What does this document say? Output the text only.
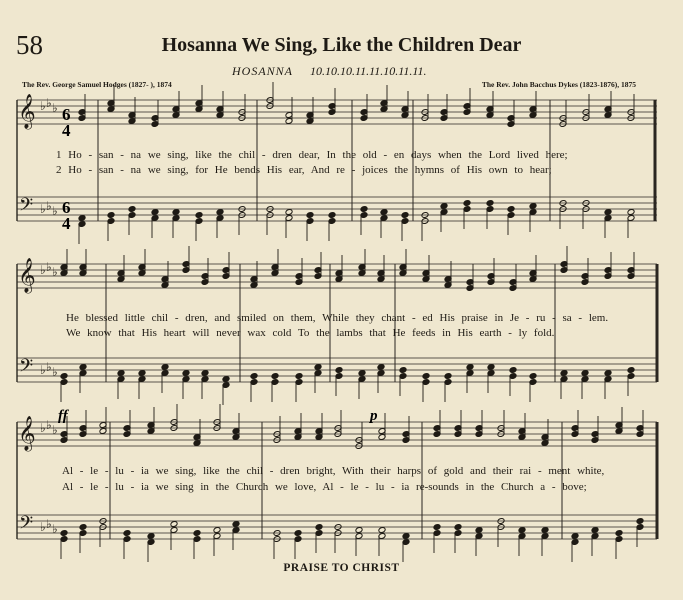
58	Hosanna We Sing, Like the Children Dear
HOSANNA 10.10.10.11.11.10.11.11.
The Rev. George Samuel Hodges (1827- ), 1874	The Rev. John Bacchus Dykes (1823-1876), 1875
𝄞
𝄢
♭
♭
♭
♭
♭
♭
𝄞
𝄢
♭
♭
♭
♭
♭
♭
𝄞
𝄢
♭
♭
♭
♭
♭
♭
6
4
6
4
ff	p
1 Ho - san - na we sing, like the chil - dren dear, In the old - en days when the Lord lived here;
2 Ho - san - na we sing, for He bends His ear, And re - joices the hymns of His own to hear;
He blessed little chil - dren, and smiled on them, While they chant - ed His praise in Je - ru - sa - lem.
We know that His heart will never wax cold To the lambs that He feeds in His earth - ly fold.
Al - le - lu - ia we sing, like the chil - dren bright, With their harps of gold and their rai - ment white,
Al - le - lu - ia we sing in the Church we love, Al - le - lu - ia re-sounds in the Church a - bove;
PRAISE TO CHRIST
